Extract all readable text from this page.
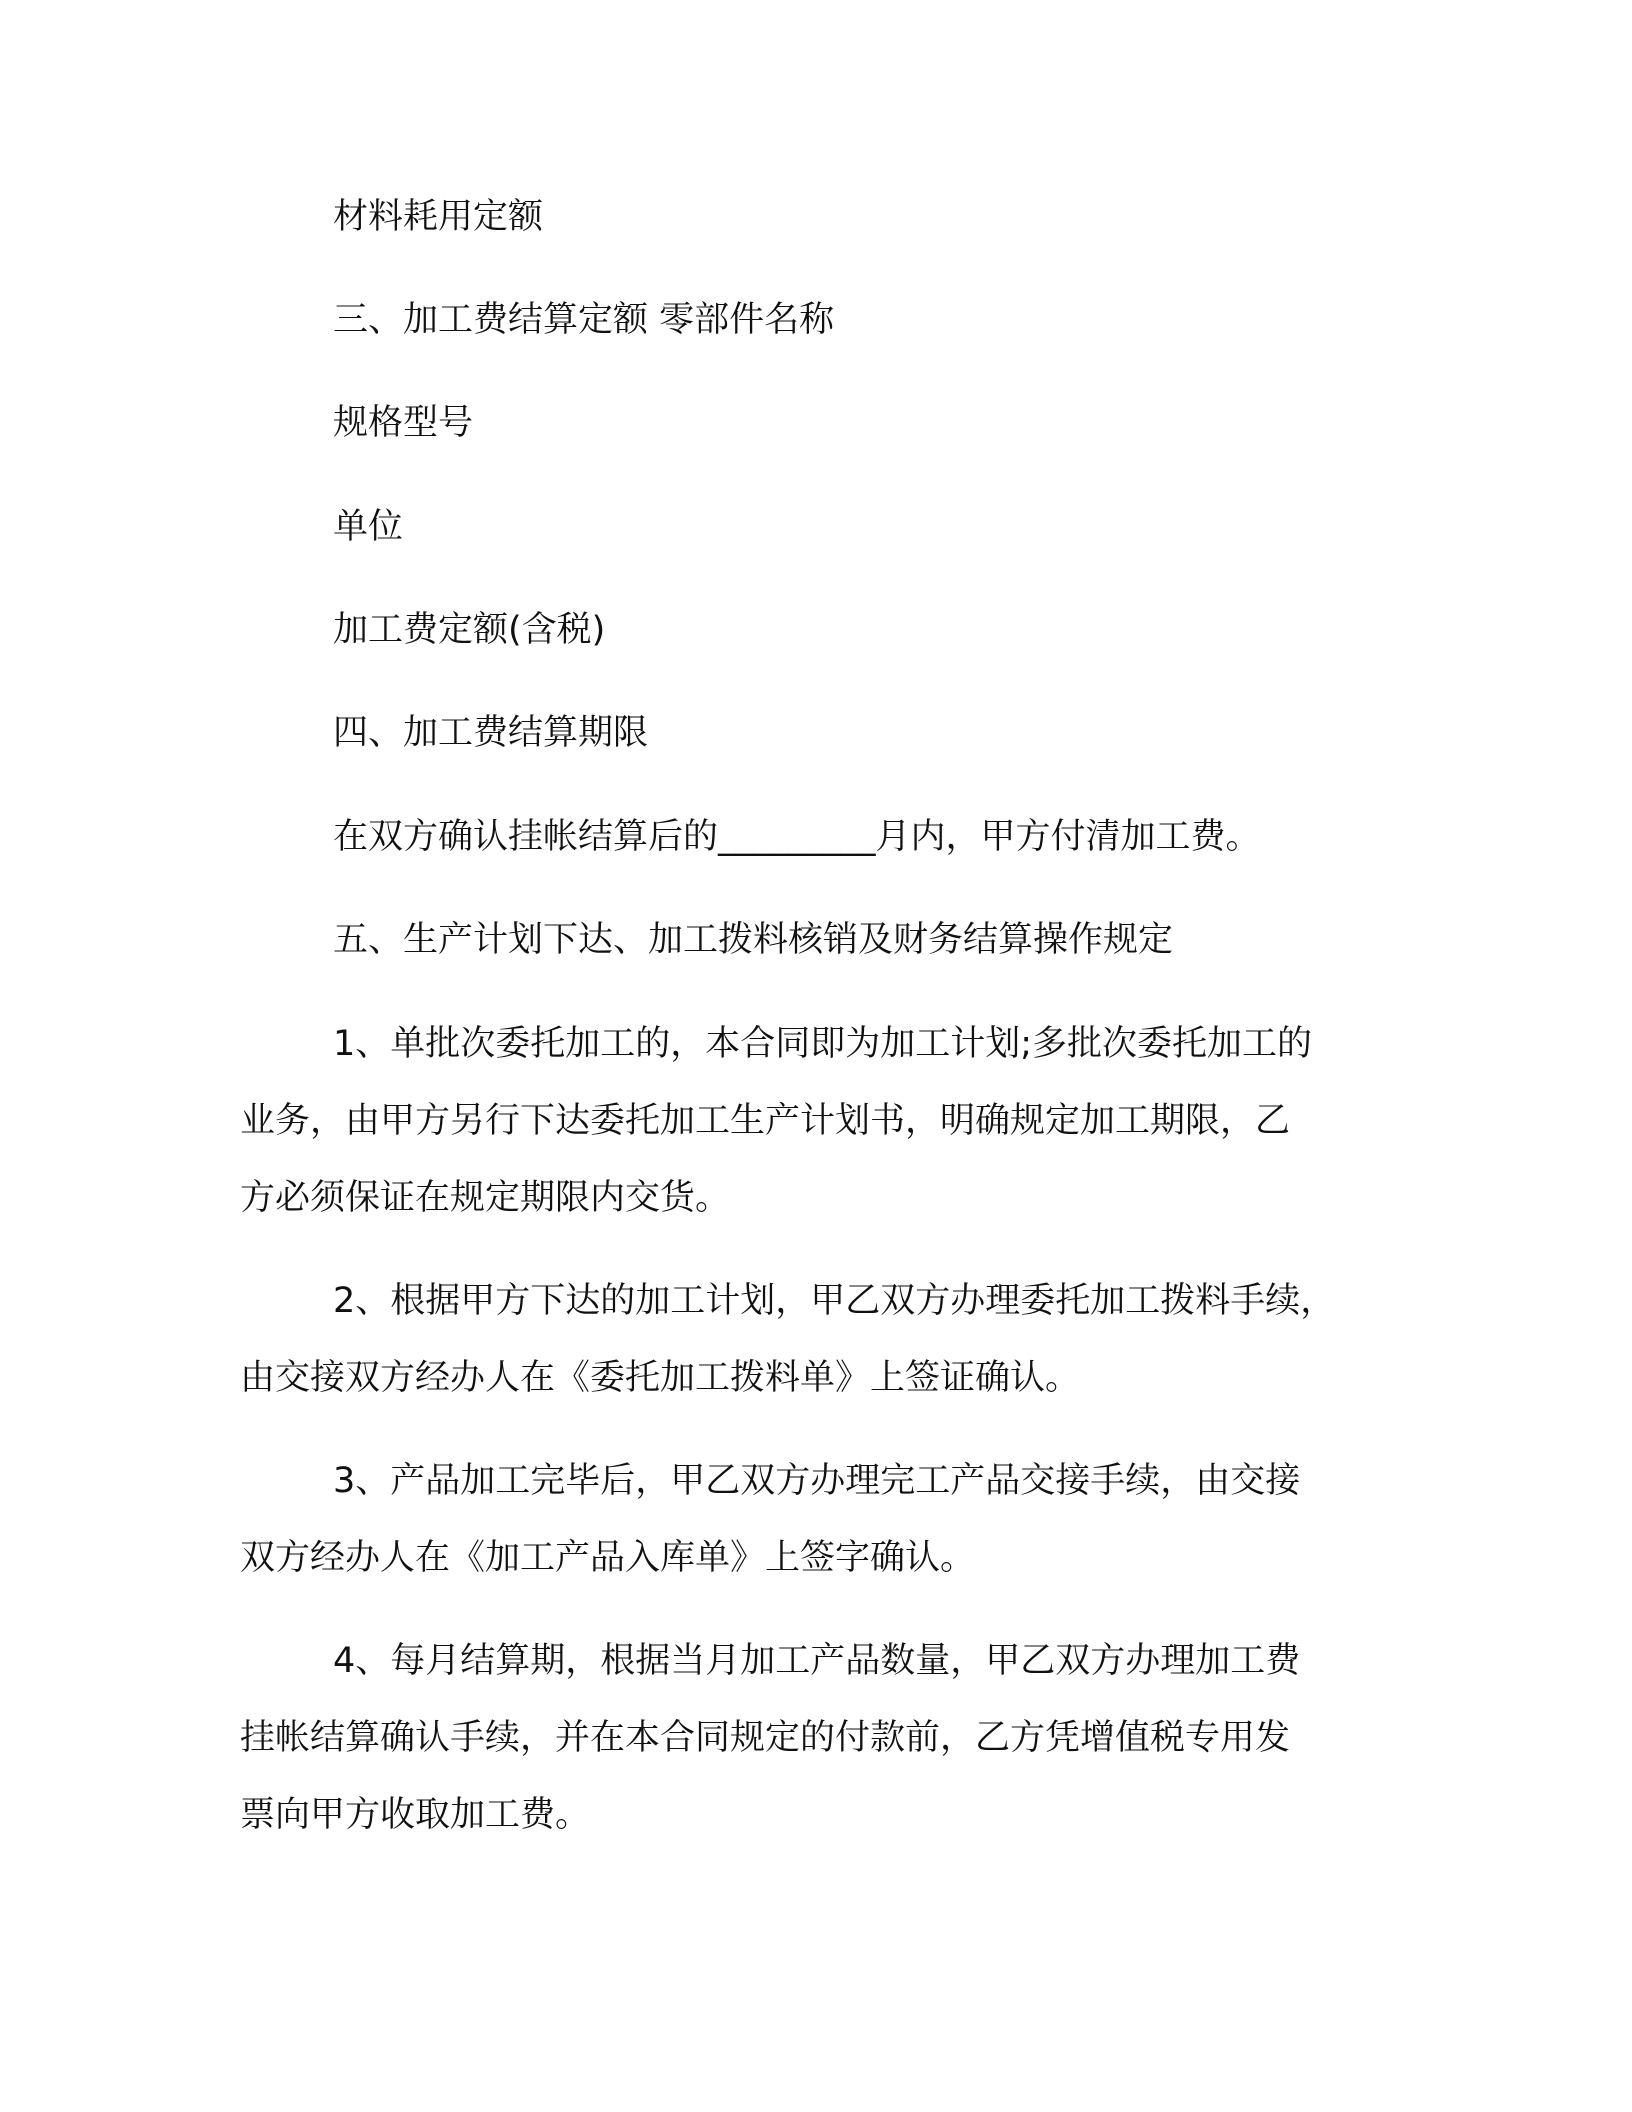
材料耗用定额
三、加工费结算定额 零部件名称
规格型号
单位
加工费定额(含税)
四、加工费结算期限
在双方确认挂帐结算后的_________月内，甲方付清加工费。
五、生产计划下达、加工拨料核销及财务结算操作规定
1、单批次委托加工的，本合同即为加工计划;多批次委托加工的
业务，由甲方另行下达委托加工生产计划书，明确规定加工期限，乙
方必须保证在规定期限内交货。
2、根据甲方下达的加工计划，甲乙双方办理委托加工拨料手续，
由交接双方经办人在《委托加工拨料单》上签证确认。
3、产品加工完毕后，甲乙双方办理完工产品交接手续，由交接
双方经办人在《加工产品入库单》上签字确认。
4、每月结算期，根据当月加工产品数量，甲乙双方办理加工费
挂帐结算确认手续，并在本合同规定的付款前，乙方凭增值税专用发
票向甲方收取加工费。
